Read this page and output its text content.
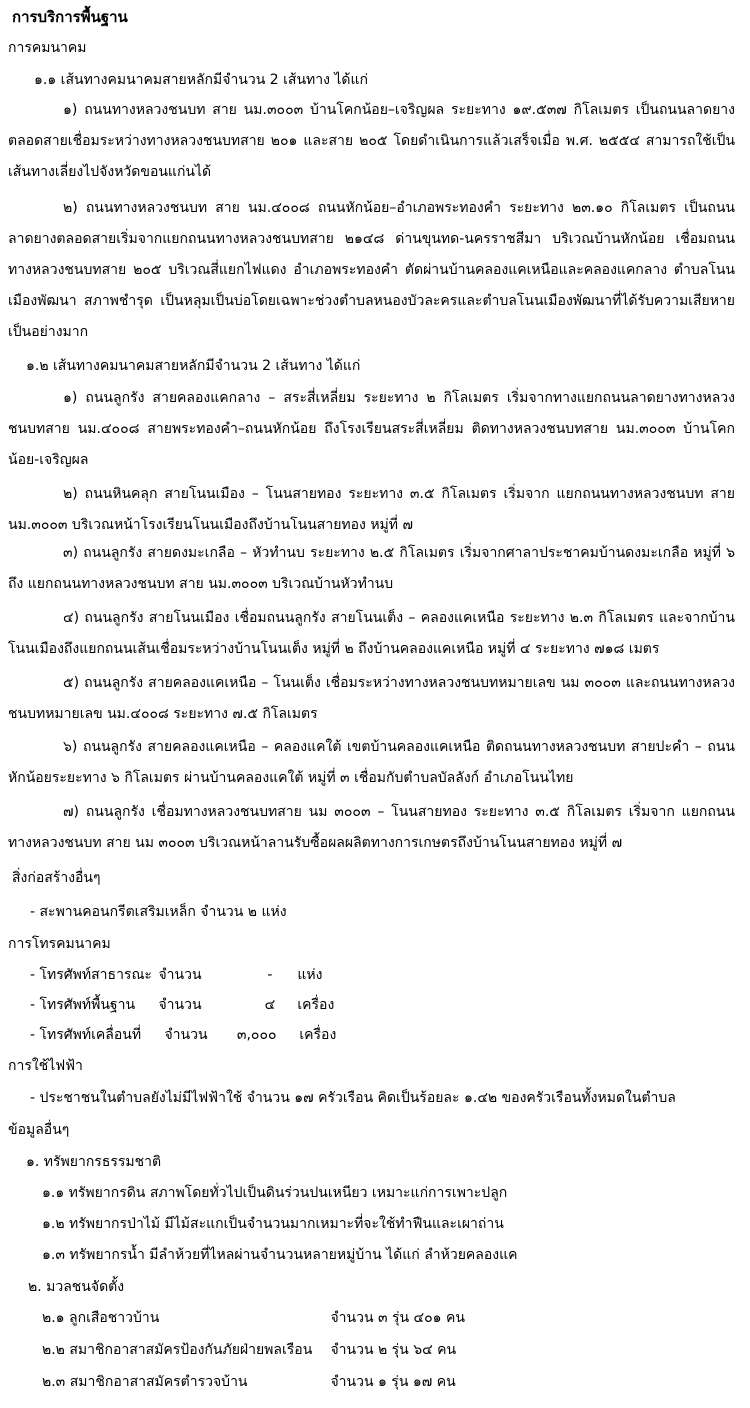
การบริการพื้นฐาน
การคมนาคม
๑.๑ เส้นทางคมนาคมสายหลักมีจำนวน 2 เส้นทาง ได้แก่
๑) ถนนทางหลวงชนบท สาย นม.๓๐๐๓ บ้านโคกน้อย–เจริญผล ระยะทาง ๑๙.๕๓๗ กิโลเมตร เป็นถนนลาดยางตลอดสายเชื่อมระหว่างทางหลวงชนบทสาย ๒๐๑ และสาย ๒๐๕ โดยดำเนินการแล้วเสร็จเมื่อ พ.ศ. ๒๕๕๔ สามารถใช้เป็นเส้นทางเลี่ยงไปจังหวัดขอนแก่นได้
๒) ถนนทางหลวงชนบท สาย นม.๔๐๐๘ ถนนหักน้อย–อำเภอพระทองคำ ระยะทาง ๒๓.๑๐ กิโลเมตร เป็นถนนลาดยางตลอดสายเริ่มจากแยกถนนทางหลวงชนบทสาย ๒๑๔๘ ด่านขุนทด-นครราชสีมา บริเวณบ้านหักน้อย เชื่อมถนนทางหลวงชนบทสาย ๒๐๕ บริเวณสี่แยกไฟแดง อำเภอพระทองคำ ตัดผ่านบ้านคลองแคเหนือและคลองแคกลาง ตำบลโนนเมืองพัฒนา สภาพชำรุด เป็นหลุมเป็นบ่อโดยเฉพาะช่วงตำบลหนองบัวละครและตำบลโนนเมืองพัฒนาที่ได้รับความเสียหายเป็นอย่างมาก
๑.๒ เส้นทางคมนาคมสายหลักมีจำนวน 2 เส้นทาง ได้แก่
๑) ถนนลูกรัง สายคลองแคกลาง – สระสี่เหลี่ยม ระยะทาง ๒ กิโลเมตร เริ่มจากทางแยกถนนลาดยางทางหลวงชนบทสาย นม.๔๐๐๘ สายพระทองคำ–ถนนหักน้อย ถึงโรงเรียนสระสี่เหลี่ยม ติดทางหลวงชนบทสาย นม.๓๐๐๓ บ้านโคกน้อย-เจริญผล
๒) ถนนหินคลุก สายโนนเมือง – โนนสายทอง ระยะทาง ๓.๕ กิโลเมตร เริ่มจาก แยกถนนทางหลวงชนบท สาย นม.๓๐๐๓ บริเวณหน้าโรงเรียนโนนเมืองถึงบ้านโนนสายทอง หมู่ที่ ๗
๓) ถนนลูกรัง สายดงมะเกลือ – หัวทำนบ ระยะทาง ๒.๕ กิโลเมตร เริ่มจากศาลาประชาคมบ้านดงมะเกลือ หมู่ที่ ๖ ถึง แยกถนนทางหลวงชนบท สาย นม.๓๐๐๓ บริเวณบ้านหัวทำนบ
๔) ถนนลูกรัง สายโนนเมือง เชื่อมถนนลูกรัง สายโนนเต็ง – คลองแคเหนือ ระยะทาง ๒.๓ กิโลเมตร และจากบ้านโนนเมืองถึงแยกถนนเส้นเชื่อมระหว่างบ้านโนนเต็ง หมู่ที่ ๒ ถึงบ้านคลองแคเหนือ หมู่ที่ ๔ ระยะทาง ๗๑๘ เมตร
๕) ถนนลูกรัง สายคลองแคเหนือ – โนนเต็ง เชื่อมระหว่างทางหลวงชนบทหมายเลข นม ๓๐๐๓ และถนนทางหลวงชนบทหมายเลข นม.๔๐๐๘ ระยะทาง ๗.๕ กิโลเมตร
๖) ถนนลูกรัง สายคลองแคเหนือ – คลองแคใต้ เขตบ้านคลองแคเหนือ ติดถนนทางหลวงชนบท สายปะคำ – ถนนหักน้อยระยะทาง ๖ กิโลเมตร ผ่านบ้านคลองแคใต้ หมู่ที่ ๓ เชื่อมกับตำบลบัลลังก์ อำเภอโนนไทย
๗) ถนนลูกรัง เชื่อมทางหลวงชนบทสาย นม ๓๐๐๓ – โนนสายทอง ระยะทาง ๓.๕ กิโลเมตร เริ่มจาก แยกถนนทางหลวงชนบท สาย นม ๓๐๐๓ บริเวณหน้าลานรับซื้อผลผลิตทางการเกษตรถึงบ้านโนนสายทอง หมู่ที่ ๗
สิ่งก่อสร้างอื่นๆ
- สะพานคอนกรีตเสริมเหล็ก จำนวน ๒ แห่ง
การโทรคมนาคม
- โทรศัพท์สาธารณะ จำนวน	- แห่ง
- โทรศัพท์พื้นฐาน จำนวน	๔ เครื่อง
- โทรศัพท์เคลื่อนที่ จำนวน ๓,๐๐๐ เครื่อง
การใช้ไฟฟ้า
- ประชาชนในตำบลยังไม่มีไฟฟ้าใช้ จำนวน ๑๗ ครัวเรือน คิดเป็นร้อยละ ๑.๔๒ ของครัวเรือนทั้งหมดในตำบล
ข้อมูลอื่นๆ
๑. ทรัพยากรธรรมชาติ
๑.๑ ทรัพยากรดิน สภาพโดยทั่วไปเป็นดินร่วนปนเหนียว เหมาะแก่การเพาะปลูก
๑.๒ ทรัพยากรป่าไม้ มีไม้สะแกเป็นจำนวนมากเหมาะที่จะใช้ทำฟืนและเผาถ่าน
๑.๓ ทรัพยากรน้ำ มีลำห้วยที่ไหลผ่านจำนวนหลายหมู่บ้าน ได้แก่ ลำห้วยคลองแค
๒. มวลชนจัดตั้ง
๒.๑ ลูกเสือชาวบ้าน	จำนวน ๓ รุ่น ๔๐๑ คน
๒.๒ สมาชิกอาสาสมัครป้องกันภัยฝ่ายพลเรือน จำนวน ๒ รุ่น ๖๔ คน
๒.๓ สมาชิกอาสาสมัครตำรวจบ้าน	จำนวน ๑ รุ่น ๑๗ คน
